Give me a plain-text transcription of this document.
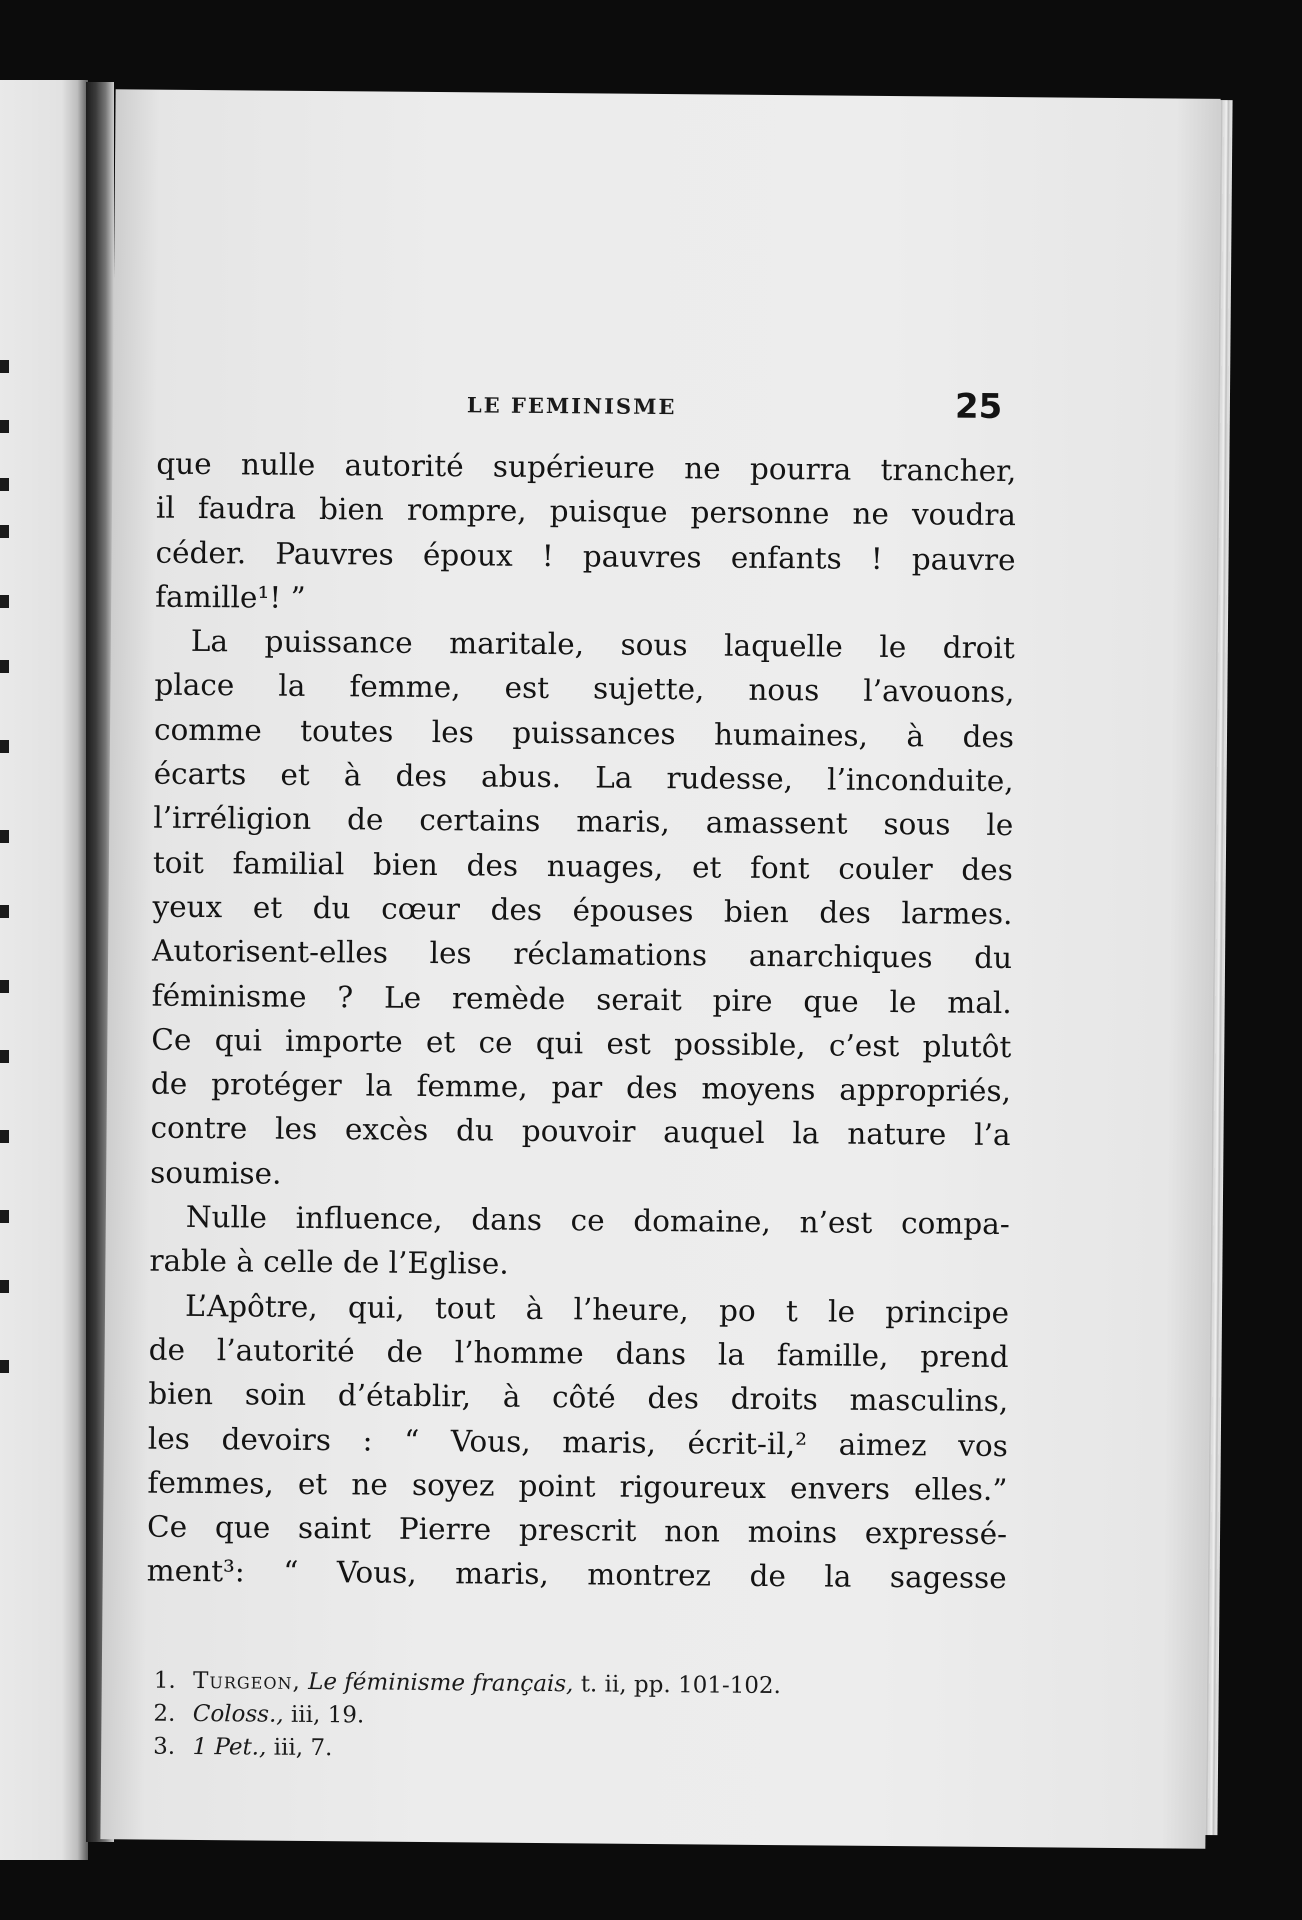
LE FEMINISME	25

que nulle autorité supérieure ne pourra trancher,
il faudra bien rompre, puisque personne ne voudra
céder. Pauvres époux ! pauvres enfants ! pauvre
famille¹! ”

La puissance maritale, sous laquelle le droit
place la femme, est sujette, nous l’avouons,
comme toutes les puissances humaines, à des
écarts et à des abus. La rudesse, l’inconduite,
l’irréligion de certains maris, amassent sous le
toit familial bien des nuages, et font couler des
yeux et du cœur des épouses bien des larmes.
Autorisent-elles les réclamations anarchiques du
féminisme ? Le remède serait pire que le mal.
Ce qui importe et ce qui est possible, c’est plutôt
de protéger la femme, par des moyens appropriés,
contre les excès du pouvoir auquel la nature l’a
soumise.

Nulle influence, dans ce domaine, n’est compa-
rable à celle de l’Eglise.

L’Apôtre, qui, tout à l’heure, po t le principe
de l’autorité de l’homme dans la famille, prend
bien soin d’établir, à côté des droits masculins,
les devoirs : “ Vous, maris, écrit-il,² aimez vos
femmes, et ne soyez point rigoureux envers elles.”
Ce que saint Pierre prescrit non moins expressé-
ment³: “ Vous, maris, montrez de la sagesse

1. Turgeon, Le féminisme français, t. ii, pp. 101-102.
2. Coloss., iii, 19.
3. 1 Pet., iii, 7.
